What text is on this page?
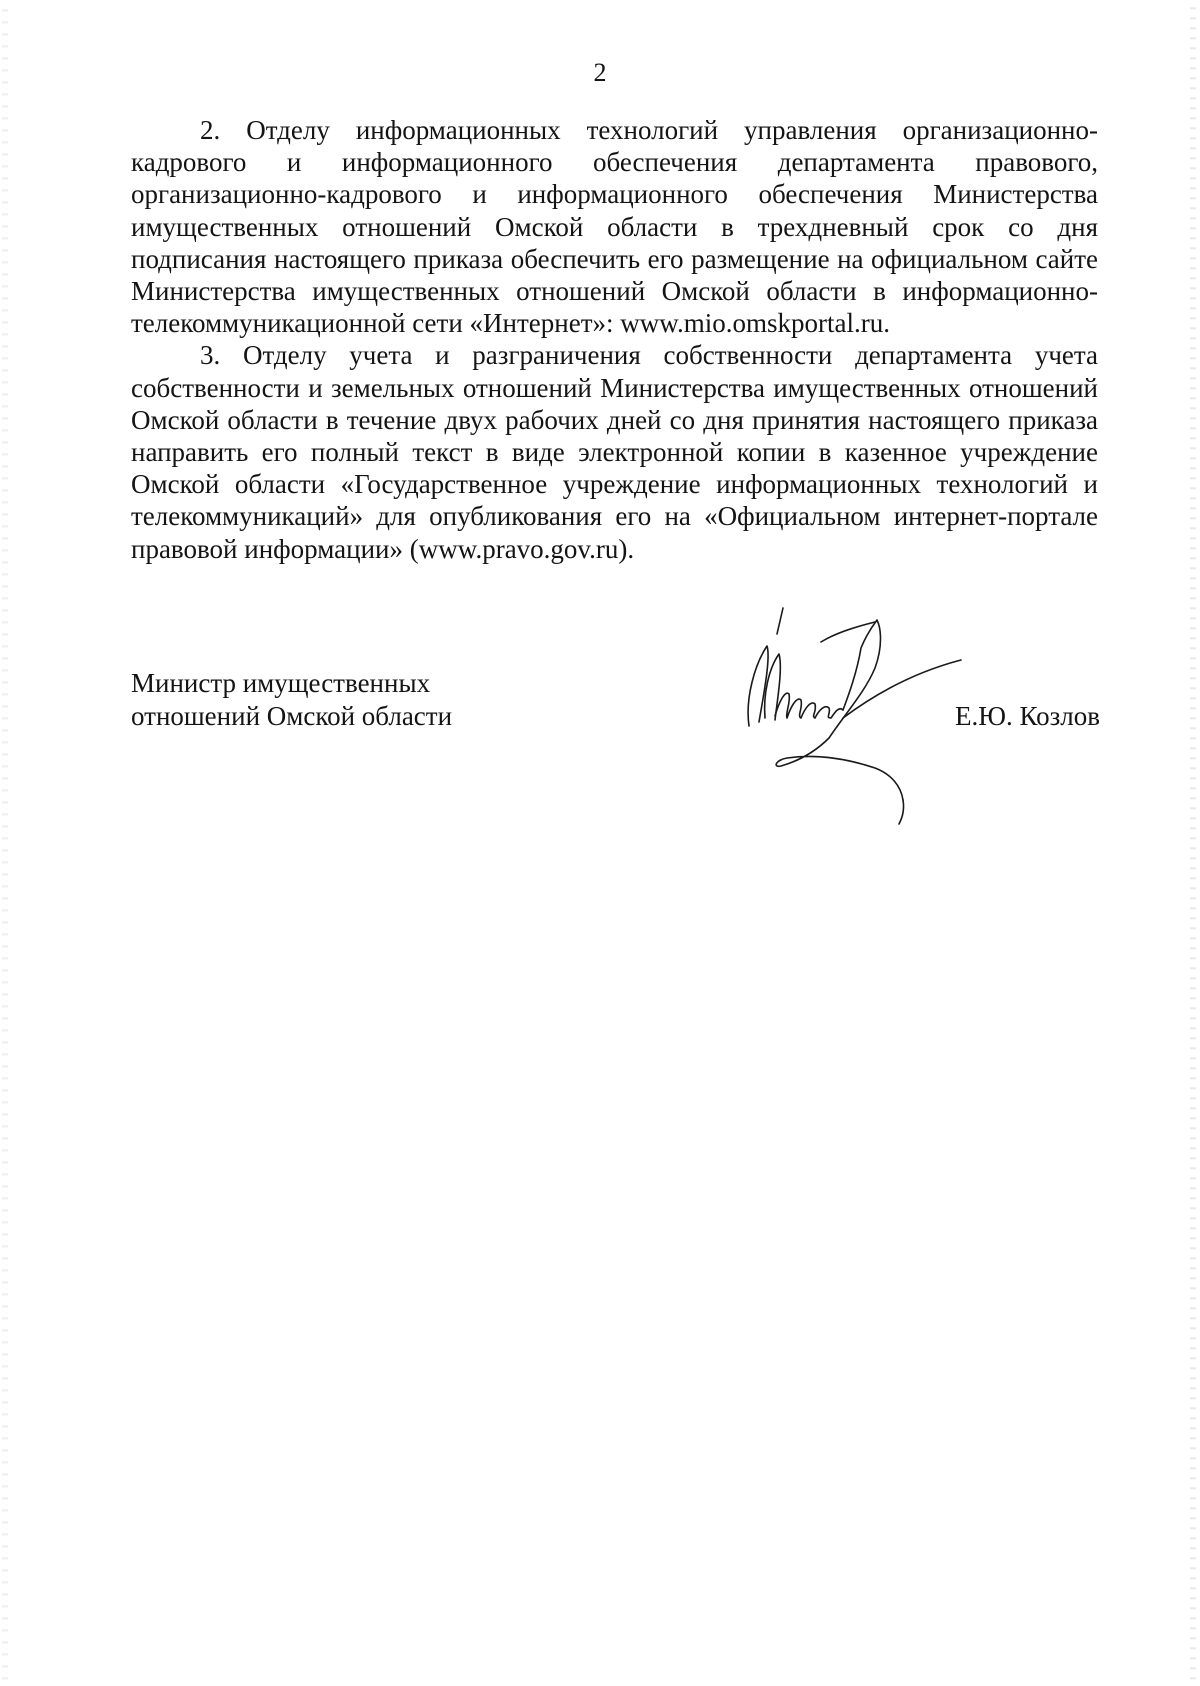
2

2. Отделу информационных технологий управления организационно-кадрового и информационного обеспечения департамента правового, организационно-кадрового и информационного обеспечения Министерства имущественных отношений Омской области в трехдневный срок со дня подписания настоящего приказа обеспечить его размещение на официальном сайте Министерства имущественных отношений Омской области в информационно-телекоммуникационной сети «Интернет»: www.mio.omskportal.ru.

3. Отделу учета и разграничения собственности департамента учета собственности и земельных отношений Министерства имущественных отношений Омской области в течение двух рабочих дней со дня принятия настоящего приказа направить его полный текст в виде электронной копии в казенное учреждение Омской области «Государственное учреждение информационных технологий и телекоммуникаций» для опубликования его на «Официальном интернет-портале правовой информации» (www.pravo.gov.ru).

Министр имущественных
отношений Омской области	Е.Ю. Козлов
